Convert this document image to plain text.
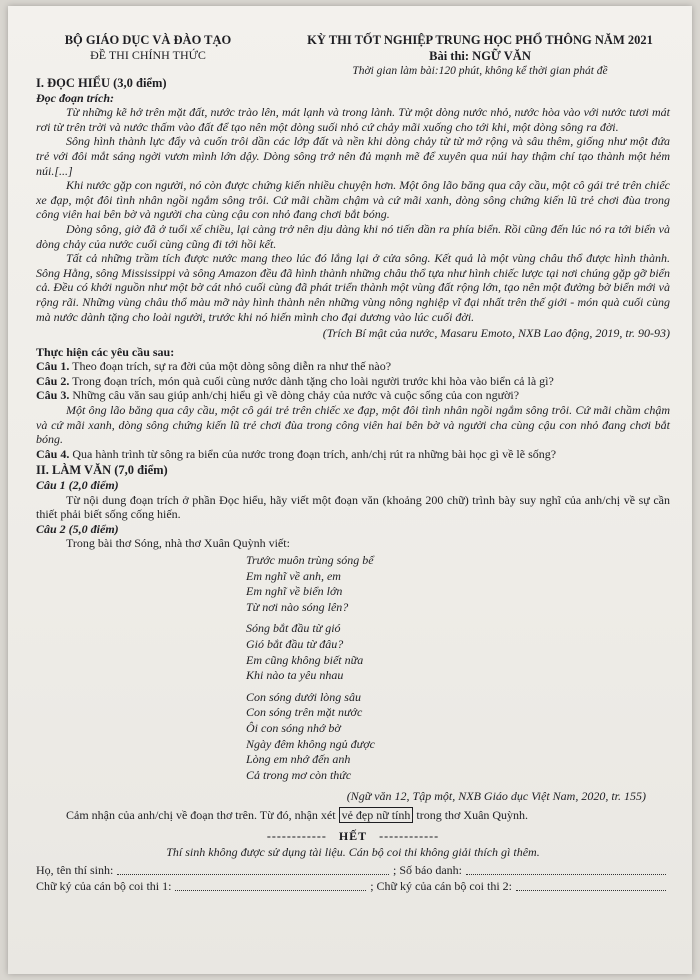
BỘ GIÁO DỤC VÀ ĐÀO TẠO
ĐỀ THI CHÍNH THỨC
KỲ THI TỐT NGHIỆP TRUNG HỌC PHỔ THÔNG NĂM 2021
Bài thi: NGỮ VĂN
Thời gian làm bài:120 phút, không kể thời gian phát đề
I. ĐỌC HIỂU (3,0 điểm)
Đọc đoạn trích:

Từ những kẽ hở trên mặt đất, nước trào lên, mát lạnh và trong lành. Từ một dòng nước nhỏ, nước hòa vào với nước tươi mát rơi từ trên trời và nước thấm vào đất để tạo nên một dòng suối nhỏ cứ chảy mãi xuống cho tới khi, một dòng sông ra đời.

Sông hình thành lực đẩy và cuốn trôi dần các lớp đất và nền khi dòng chảy từ từ mở rộng và sâu thêm, giống như một đứa trẻ với đôi mắt sáng ngời vươn mình lớn dậy. Dòng sông trở nên đủ mạnh mẽ để xuyên qua núi hay thậm chí tạo thành một hẻm núi.[...]

Khi nước gặp con người, nó còn được chứng kiến nhiều chuyện hơn. Một ông lão băng qua cây cầu, một cô gái trẻ trên chiếc xe đạp, một đôi tình nhân ngồi ngắm sông trôi. Cứ mãi chầm chậm và cứ mãi xanh, dòng sông chứng kiến lũ trẻ chơi đùa trong công viên hai bên bờ và người cha cùng cậu con nhỏ đang chơi bắt bóng.

Dòng sông, giờ đã ở tuổi xế chiều, lại càng trở nên dịu dàng khi nó tiến dần ra phía biển. Rồi cũng đến lúc nó ra tới biển và dòng chảy của nước cuối cùng cũng đi tới hồi kết.

Tất cả những trầm tích được nước mang theo lúc đó lắng lại ở cửa sông. Kết quả là một vùng châu thổ được hình thành. Sông Hằng, sông Mississippi và sông Amazon đều đã hình thành những châu thổ tựa như hình chiếc lược tại nơi chúng gặp gỡ biển cả. Đều có khởi nguồn như một bờ cát nhỏ cuối cùng đã phát triển thành một vùng đất rộng lớn, tạo nên một đường bờ biển mới và rộng rãi. Những vùng châu thổ màu mỡ này hình thành nên những vùng nông nghiệp vĩ đại nhất trên thế giới - món quà cuối cùng mà nước dành tặng cho loài người, trước khi nó hiến mình cho đại dương vào lúc cuối đời.

(Trích Bí mật của nước, Masaru Emoto, NXB Lao động, 2019, tr. 90-93)
Thực hiện các yêu cầu sau:

Câu 1. Theo đoạn trích, sự ra đời của một dòng sông diễn ra như thế nào?

Câu 2. Trong đoạn trích, món quà cuối cùng nước dành tặng cho loài người trước khi hòa vào biển cả là gì?

Câu 3. Những câu văn sau giúp anh/chị hiểu gì về dòng chảy của nước và cuộc sống của con người?

Một ông lão băng qua cây cầu, một cô gái trẻ trên chiếc xe đạp, một đôi tình nhân ngồi ngắm sông trôi. Cứ mãi chầm chậm và cứ mãi xanh, dòng sông chứng kiến lũ trẻ chơi đùa trong công viên hai bên bờ và người cha cùng cậu con nhỏ đang chơi bắt bóng.

Câu 4. Qua hành trình từ sông ra biển của nước trong đoạn trích, anh/chị rút ra những bài học gì về lẽ sống?

II. LÀM VĂN (7,0 điểm)
Câu 1 (2,0 điểm)

Từ nội dung đoạn trích ở phần Đọc hiểu, hãy viết một đoạn văn (khoảng 200 chữ) trình bày suy nghĩ của anh/chị về sự cần thiết phải biết sống cống hiến.

Câu 2 (5,0 điểm)

Trong bài thơ Sóng, nhà thơ Xuân Quỳnh viết:

Trước muôn trùng sóng bể
Em nghĩ về anh, em
Em nghĩ về biển lớn
Từ nơi nào sóng lên?
Sóng bắt đầu từ gió
Gió bắt đầu từ đâu?
Em cũng không biết nữa
Khi nào ta yêu nhau
Con sóng dưới lòng sâu
Con sóng trên mặt nước
Ôi con sóng nhớ bờ
Ngày đêm không ngủ được
Lòng em nhớ đến anh
Cả trong mơ còn thức
(Ngữ văn 12, Tập một, NXB Giáo dục Việt Nam, 2020, tr. 155)

Cảm nhận của anh/chị về đoạn thơ trên. Từ đó, nhận xét vẻ đẹp nữ tính trong thơ Xuân Quỳnh.

------------ HẾT ------------

Thí sinh không được sử dụng tài liệu. Cán bộ coi thi không giải thích gì thêm.

Họ, tên thí sinh:	; Số báo danh:
Chữ ký của cán bộ coi thi 1:	; Chữ ký của cán bộ coi thi 2:
